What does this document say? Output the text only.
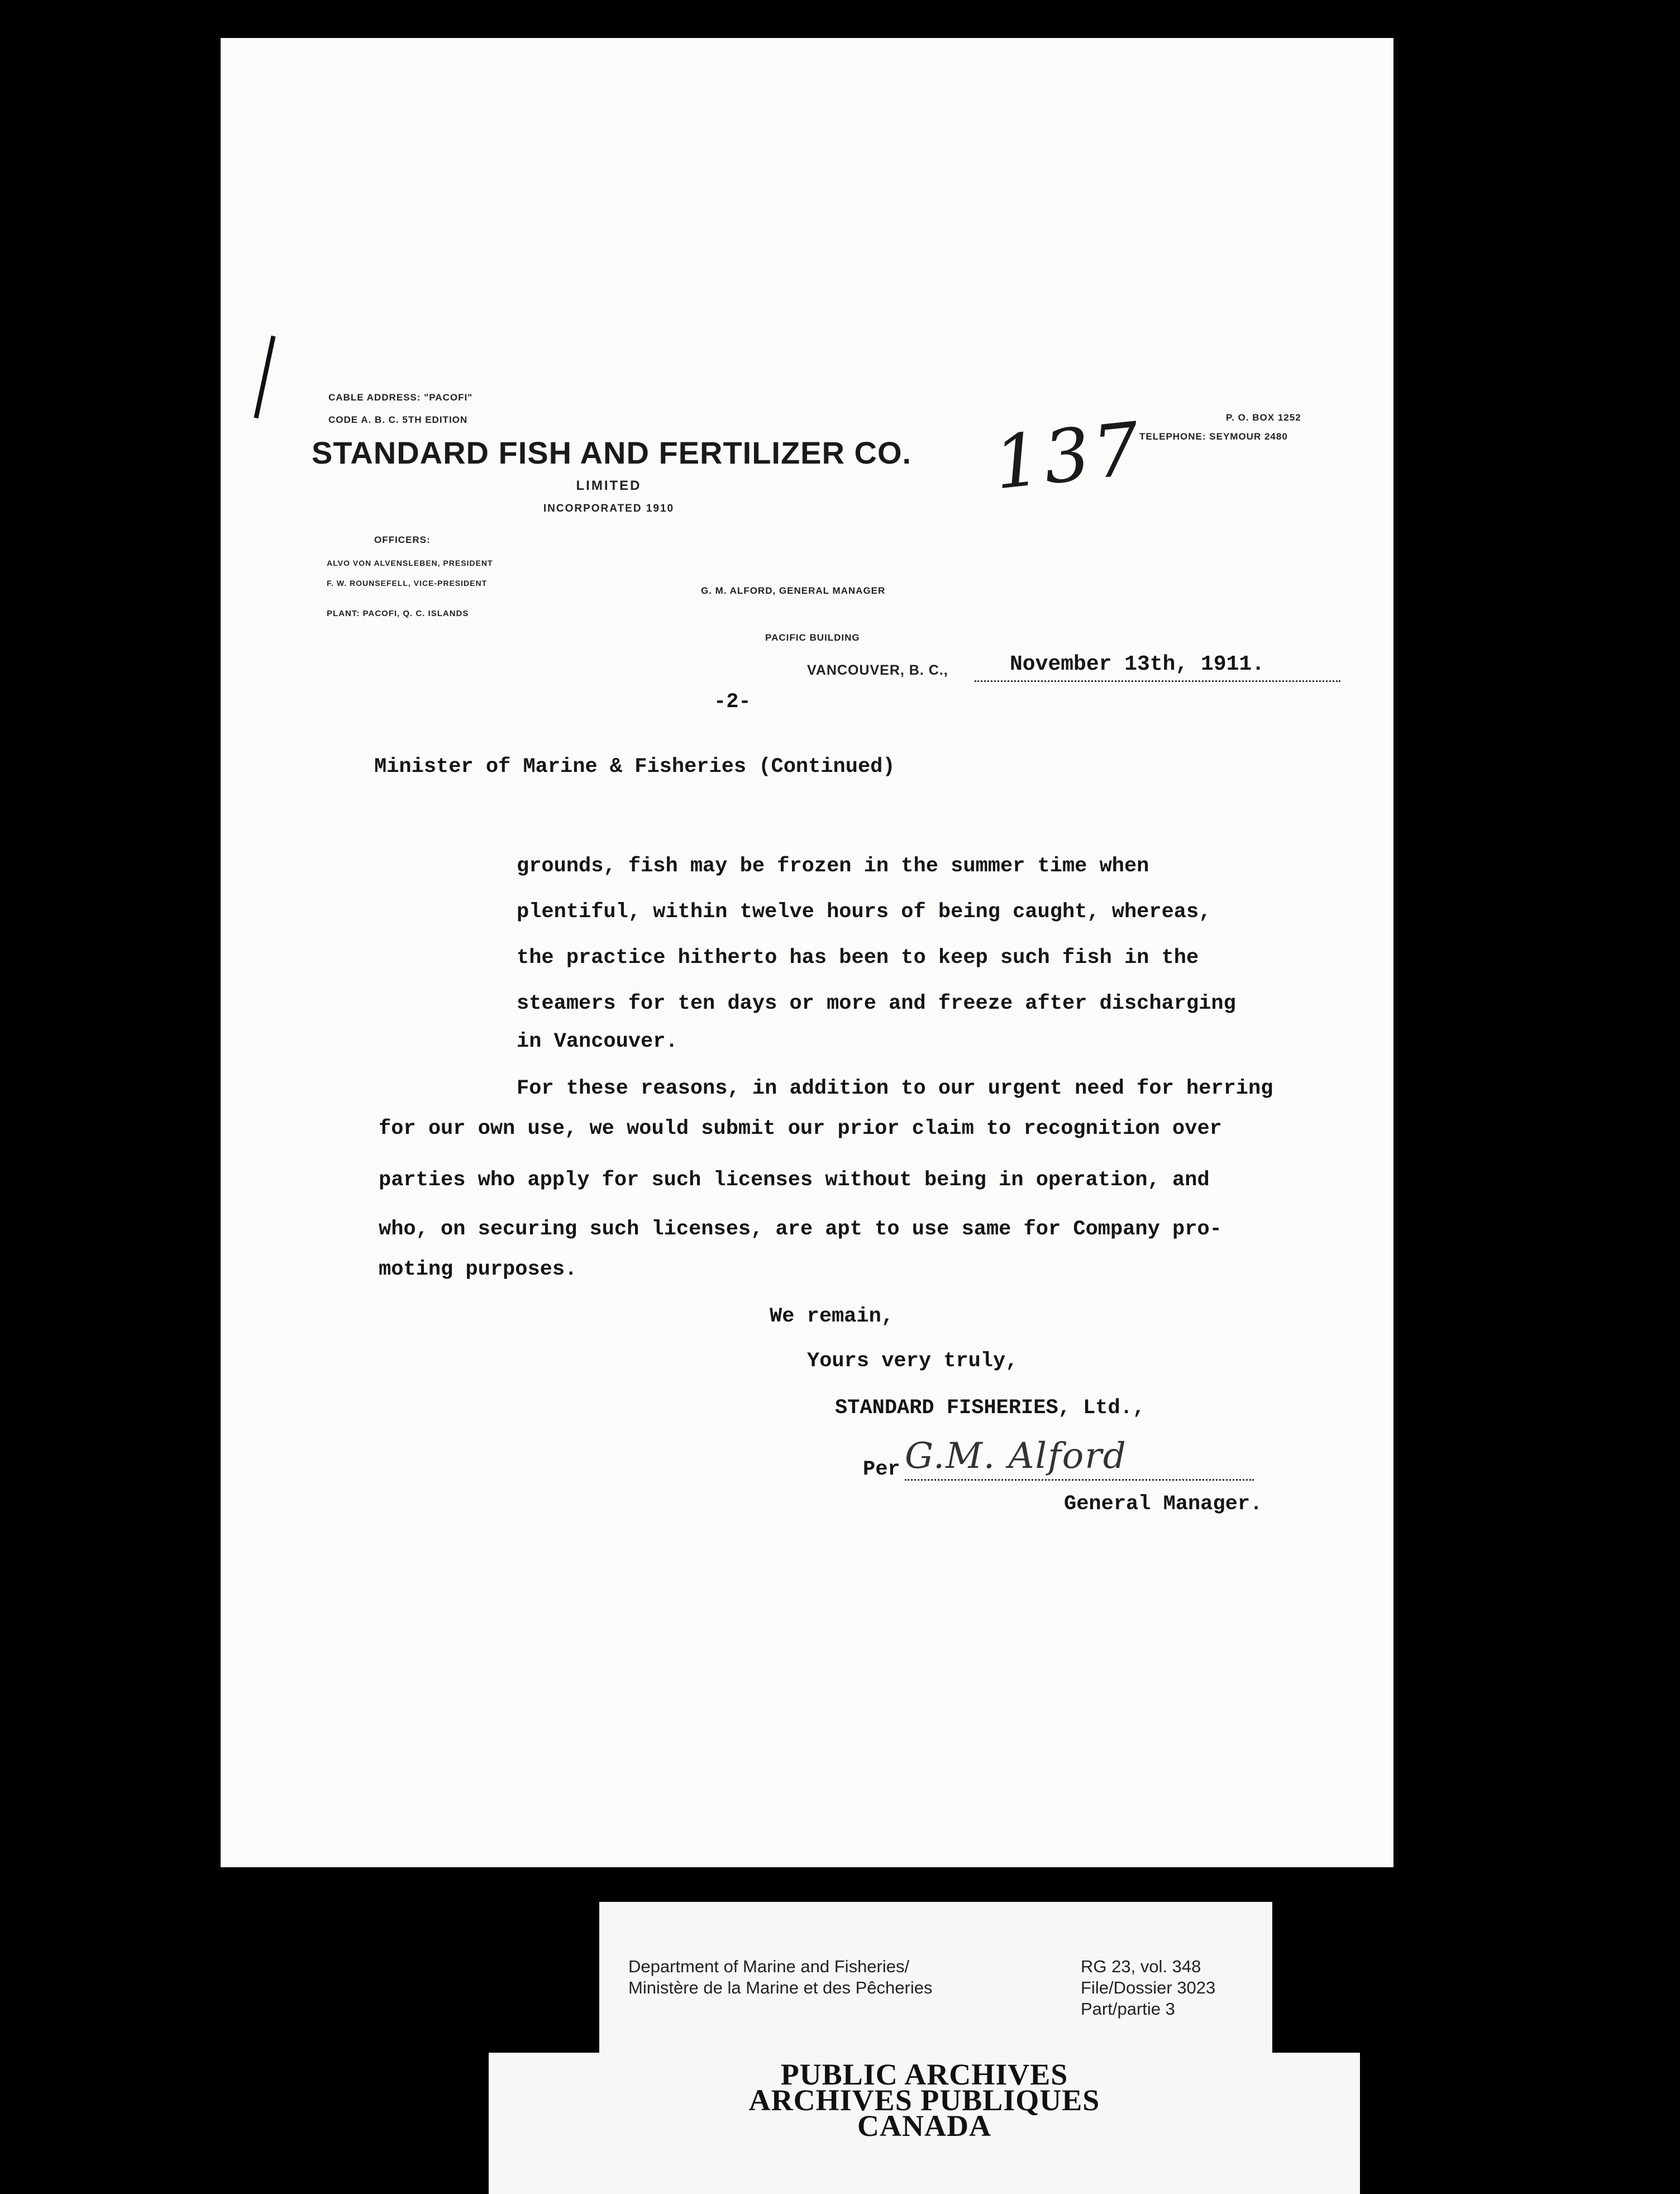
CABLE ADDRESS: "PACOFI"
CODE A. B. C. 5TH EDITION	P. O. BOX 1252
TELEPHONE: SEYMOUR 2480
137
STANDARD FISH AND FERTILIZER CO.
LIMITED
INCORPORATED 1910
OFFICERS:
ALVO VON ALVENSLEBEN, PRESIDENT
F. W. ROUNSEFELL, VICE-PRESIDENT
PLANT: PACOFI, Q. C. ISLANDS
G. M. ALFORD, GENERAL MANAGER
PACIFIC BUILDING
VANCOUVER, B. C.,	November 13th, 1911.
-2-
Minister of Marine & Fisheries (Continued)
grounds, fish may be frozen in the summer time when
plentiful, within twelve hours of being caught, whereas,
the practice hitherto has been to keep such fish in the
steamers for ten days or more and freeze after discharging
in Vancouver.
For these reasons, in addition to our urgent need for herring
for our own use, we would submit our prior claim to recognition over
parties who apply for such licenses without being in operation, and
who, on securing such licenses, are apt to use same for Company pro-
moting purposes.
We remain,
Yours very truly,
STANDARD FISHERIES, Ltd.,
Per G.M. Alford
General Manager.
Department of Marine and Fisheries/
Ministère de la Marine et des Pêcheries
RG 23, vol. 348
File/Dossier 3023
Part/partie 3
PUBLIC ARCHIVES
ARCHIVES PUBLIQUES
CANADA
